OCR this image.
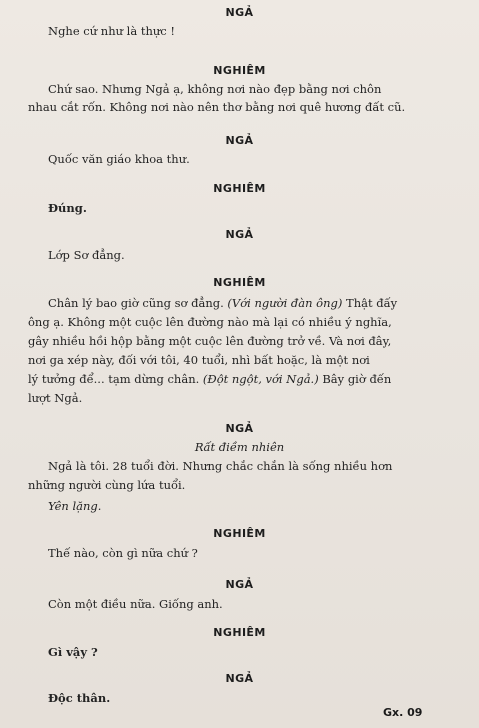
NGẢ
Nghe cứ như là thực !
NGHIÊM
Chứ sao. Nhưng Ngả ạ, không nơi nào đẹp bằng nơi chôn
nhau cắt rốn. Không nơi nào nên thơ bằng nơi quê hương đất cũ.
NGẢ
Quốc văn giáo khoa thư.
NGHIÊM
Đúng.
NGẢ
Lớp Sơ đẳng.
NGHIÊM
Chân lý bao giờ cũng sơ đẳng. (Với người đàn ông) Thật đấy
ông ạ. Không một cuộc lên đường nào mà lại có nhiều ý nghĩa,
gây nhiều hồi hộp bằng một cuộc lên đường trở về. Và nơi đây,
nơi ga xép này, đối với tôi, 40 tuổi, nhì bất hoặc, là một nơi
lý tưởng để... tạm dừng chân. (Đột ngột, với Ngả.) Bây giờ đến
lượt Ngả.
NGẢ
Rất điềm nhiên
Ngả là tôi. 28 tuổi đời. Nhưng chắc chắn là sống nhiều hơn
những người cùng lứa tuổi.
Yên lặng.
NGHIÊM
Thế nào, còn gì nữa chứ ?
NGẢ
Còn một điều nữa. Giống anh.
NGHIÊM
Gì vậy ?
NGẢ
Độc thân.
Gx. 09
